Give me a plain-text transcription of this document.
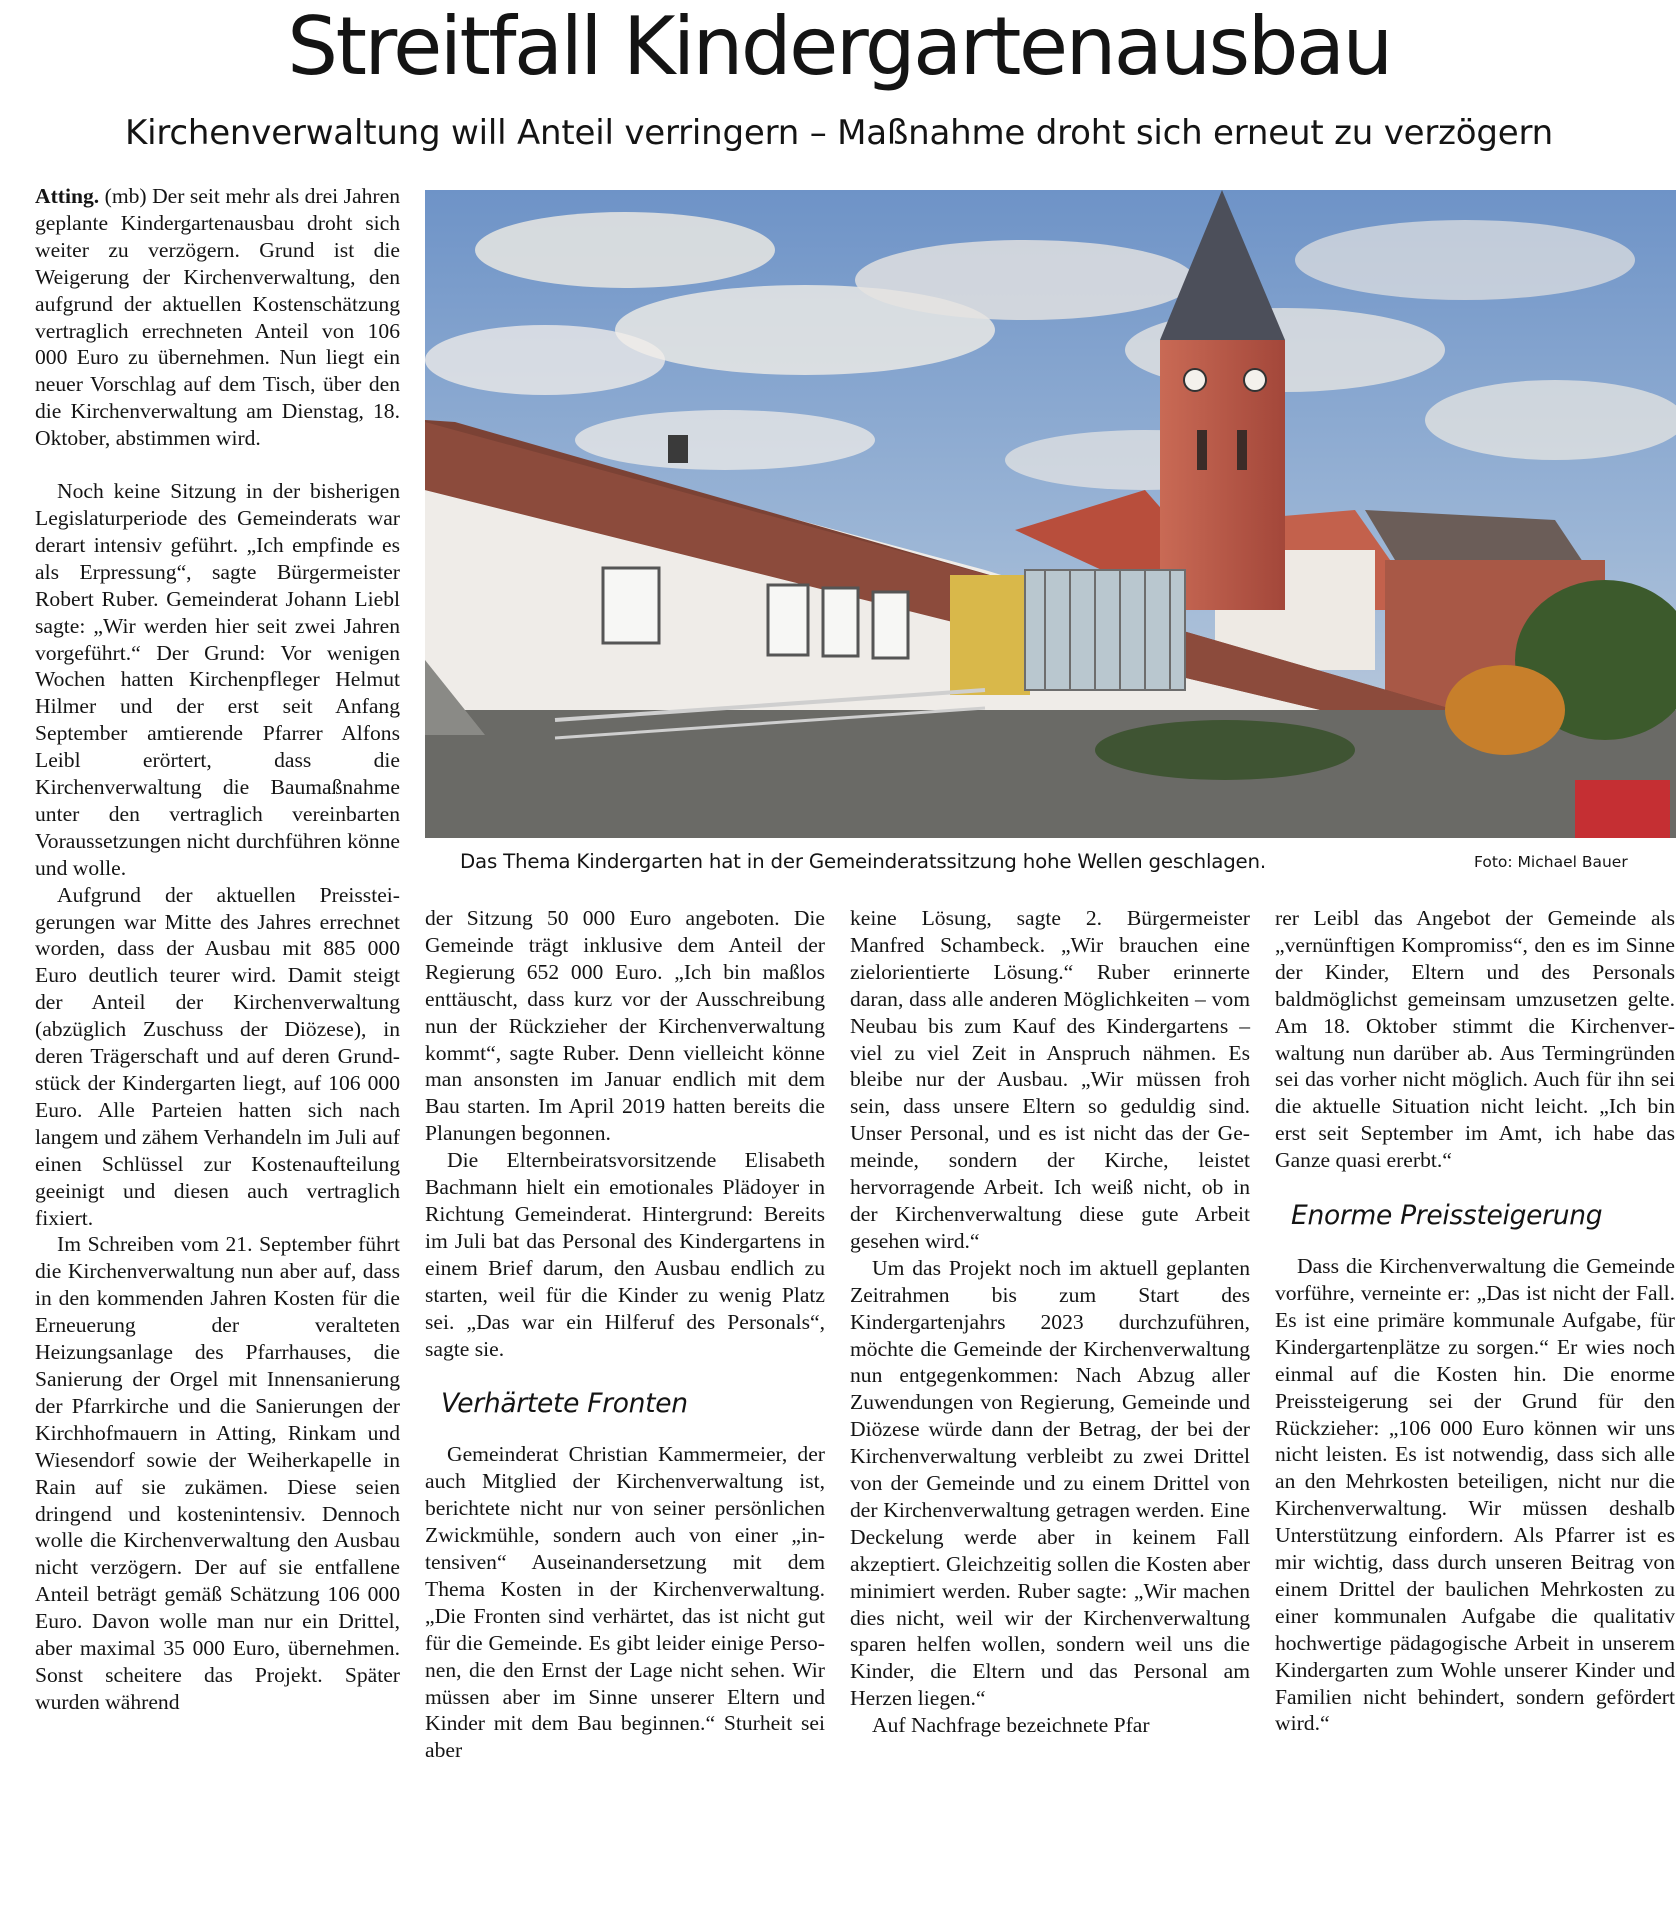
Streitfall Kindergartenausbau
Kirchenverwaltung will Anteil verringern – Maßnahme droht sich erneut zu verzögern

Atting. (mb) Der seit mehr als drei Jahren geplante Kindergartenausbau droht sich weiter zu verzögern. Grund ist die Weigerung der Kirchenverwaltung, den aufgrund der aktuellen Kostenschätzung vertraglich errechneten Anteil von 106 000 Euro zu übernehmen. Nun liegt ein neuer Vorschlag auf dem Tisch, über den die Kirchenverwaltung am Dienstag, 18. Oktober, abstimmen wird.

Noch keine Sitzung in der bisherigen Legislaturperiode des Gemeinderats war derart intensiv geführt. „Ich empfinde es als Erpressung“, sagte Bürgermeister Robert Ruber. Gemeinderat Johann Liebl sagte: „Wir werden hier seit zwei Jahren vorgeführt.“ Der Grund: Vor wenigen Wochen hatten Kirchenpfleger Helmut Hilmer und der erst seit Anfang September amtierende Pfarrer Alfons Leibl erörtert, dass die Kirchenverwaltung die Baumaßnahme unter den vertraglich vereinbarten Voraussetzungen nicht durchführen könne und wolle.

Aufgrund der aktuellen Preissteigerungen war Mitte des Jahres errechnet worden, dass der Ausbau mit 885 000 Euro deutlich teurer wird. Damit steigt der Anteil der Kirchenverwaltung (abzüglich Zuschuss der Diözese), in deren Trägerschaft und auf deren Grundstück der Kindergarten liegt, auf 106 000 Euro. Alle Parteien hatten sich nach langem und zähem Verhandeln im Juli auf einen Schlüssel zur Kostenaufteilung geeinigt und diesen auch vertraglich fixiert.

Im Schreiben vom 21. September führt die Kirchenverwaltung nun aber auf, dass in den kommenden Jahren Kosten für die Erneuerung der veralteten Heizungsanlage des Pfarrhauses, die Sanierung der Orgel mit Innensanierung der Pfarrkirche und die Sanierungen der Kirchhofmauern in Atting, Rinkam und Wiesendorf sowie der Weiherkapelle in Rain auf sie zukämen. Diese seien dringend und kostenintensiv. Dennoch wolle die Kirchenverwaltung den Ausbau nicht verzögern. Der auf sie entfallene Anteil beträgt gemäß Schätzung 106 000 Euro. Davon wolle man nur ein Drittel, aber maximal 35 000 Euro, übernehmen. Sonst scheitere das Projekt. Später wurden während

Das Thema Kindergarten hat in der Gemeinderatssitzung hohe Wellen geschlagen.	Foto: Michael Bauer

der Sitzung 50 000 Euro angeboten. Die Gemeinde trägt inklusive dem Anteil der Regierung 652 000 Euro. „Ich bin maßlos enttäuscht, dass kurz vor der Ausschreibung nun der Rückzieher der Kirchenverwaltung kommt“, sagte Ruber. Denn vielleicht könne man ansonsten im Januar endlich mit dem Bau starten. Im April 2019 hatten bereits die Planungen begonnen.

Die Elternbeiratsvorsitzende Elisabeth Bachmann hielt ein emotionales Plädoyer in Richtung Gemeinderat. Hintergrund: Bereits im Juli bat das Personal des Kindergartens in einem Brief darum, den Ausbau endlich zu starten, weil für die Kinder zu wenig Platz sei. „Das war ein Hilferuf des Personals“, sagte sie.

Verhärtete Fronten

Gemeinderat Christian Kammermeier, der auch Mitglied der Kirchenverwaltung ist, berichtete nicht nur von seiner persönlichen Zwickmühle, sondern auch von einer „intensiven“ Auseinandersetzung mit dem Thema Kosten in der Kirchenverwaltung. „Die Fronten sind verhärtet, das ist nicht gut für die Gemeinde. Es gibt leider einige Personen, die den Ernst der Lage nicht sehen. Wir müssen aber im Sinne unserer Eltern und Kinder mit dem Bau beginnen.“ Sturheit sei aber

keine Lösung, sagte 2. Bürgermeister Manfred Schambeck. „Wir brauchen eine zielorientierte Lösung.“ Ruber erinnerte daran, dass alle anderen Möglichkeiten – vom Neubau bis zum Kauf des Kindergartens – viel zu viel Zeit in Anspruch nähmen. Es bleibe nur der Ausbau. „Wir müssen froh sein, dass unsere Eltern so geduldig sind. Unser Personal, und es ist nicht das der Gemeinde, sondern der Kirche, leistet hervorragende Arbeit. Ich weiß nicht, ob in der Kirchenverwaltung diese gute Arbeit gesehen wird.“

Um das Projekt noch im aktuell geplanten Zeitrahmen bis zum Start des Kindergartenjahrs 2023 durchzuführen, möchte die Gemeinde der Kirchenverwaltung nun entgegenkommen: Nach Abzug aller Zuwendungen von Regierung, Gemeinde und Diözese würde dann der Betrag, der bei der Kirchenverwaltung verbleibt zu zwei Drittel von der Gemeinde und zu einem Drittel von der Kirchenverwaltung getragen werden. Eine Deckelung werde aber in keinem Fall akzeptiert. Gleichzeitig sollen die Kosten aber minimiert werden. Ruber sagte: „Wir machen dies nicht, weil wir der Kirchenverwaltung sparen helfen wollen, sondern weil uns die Kinder, die Eltern und das Personal am Herzen liegen.“

Auf Nachfrage bezeichnete Pfar

rer Leibl das Angebot der Gemeinde als „vernünftigen Kompromiss“, den es im Sinne der Kinder, Eltern und des Personals baldmöglichst gemeinsam umzusetzen gelte. Am 18. Oktober stimmt die Kirchenverwaltung nun darüber ab. Aus Termingründen sei das vorher nicht möglich. Auch für ihn sei die aktuelle Situation nicht leicht. „Ich bin erst seit September im Amt, ich habe das Ganze quasi ererbt.“

Enorme Preissteigerung

Dass die Kirchenverwaltung die Gemeinde vorführe, verneinte er: „Das ist nicht der Fall. Es ist eine primäre kommunale Aufgabe, für Kindergartenplätze zu sorgen.“ Er wies noch einmal auf die Kosten hin. Die enorme Preissteigerung sei der Grund für den Rückzieher: „106 000 Euro können wir uns nicht leisten. Es ist notwendig, dass sich alle an den Mehrkosten beteiligen, nicht nur die Kirchenverwaltung. Wir müssen deshalb Unterstützung einfordern. Als Pfarrer ist es mir wichtig, dass durch unseren Beitrag von einem Drittel der baulichen Mehrkosten zu einer kommunalen Aufgabe die qualitativ hochwertige pädagogische Arbeit in unserem Kindergarten zum Wohle unserer Kinder und Familien nicht behindert, sondern gefördert wird.“
